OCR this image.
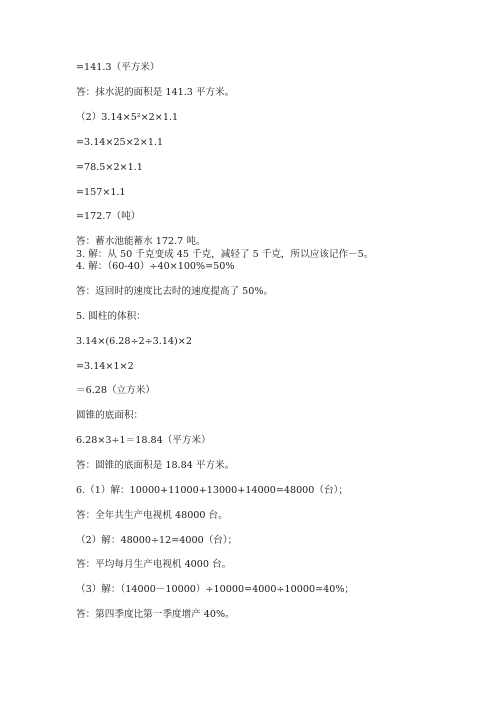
=141.3（平方米）
答：抹水泥的面积是 141.3 平方米。
（2）3.14×5²×2×1.1
=3.14×25×2×1.1
=78.5×2×1.1
=157×1.1
=172.7（吨）
答：蓄水池能蓄水 172.7 吨。
3. 解：从 50 千克变成 45 千克，减轻了 5 千克，所以应该记作－5。
4. 解：（60-40）÷40×100%=50%
答：返回时的速度比去时的速度提高了 50%。
5. 圆柱的体积：
3.14×(6.28÷2÷3.14)×2
=3.14×1×2
＝6.28（立方米）
圆锥的底面积：
6.28×3÷1＝18.84（平方米）
答：圆锥的底面积是 18.84 平方米。
6.（1）解：10000+11000+13000+14000=48000（台）；
答：全年共生产电视机 48000 台。
（2）解：48000÷12=4000（台）；
答：平均每月生产电视机 4000 台。
（3）解：（14000－10000）÷10000=4000÷10000=40%；
答：第四季度比第一季度增产 40%。
